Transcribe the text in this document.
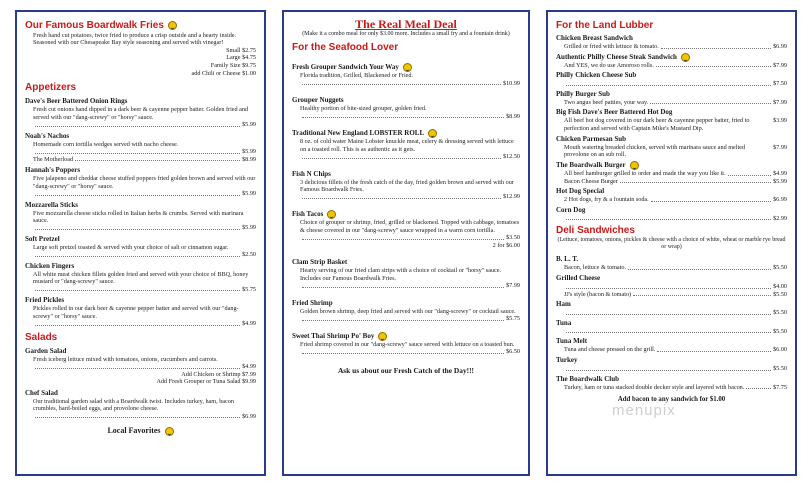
Our Famous Boardwalk Fries
Fresh hand cut potatoes, twice fried to produce a crisp outside and a hearty inside. Seasoned with our Chesapeake Bay style seasoning and served with vinegar!
Small $2.75
Large $4.75
Family Size $9.75
add Chili or Cheese $1.00
Appetizers
Dave's Beer Battered Onion Rings
Fresh cut onions hand dipped in a dark beer & cayenne pepper batter. Golden fried and served with our "dang-screwy" or "horsy" sauce.
$5.99
Noah's Nachos
Homemade corn tortilla wedges served with nacho cheese.
$5.99
The Motherload	$8.99
Hannah's Poppers
Five jalapeno and cheddar cheese stuffed poppers fried golden brown and served with our "dang-screwy" or "horsy" sauce.
$5.99
Mozzarella Sticks
Five mozzarella cheese sticks rolled in Italian herbs & crumbs. Served with marinara sauce.
$5.99
Soft Pretzel
Large soft pretzel toasted & served with your choice of salt or cinnamon sugar.
$2.50
Chicken Fingers
All white meat chicken fillets golden fried and served with your choice of BBQ, honey mustard or "dang-screwy" sauce.
$5.75
Fried Pickles
Pickles rolled in our dark beer & cayenne pepper batter and served with our "dang-screwy" or "horsy" sauce.
$4.99
Salads
Garden Salad
Fresh iceberg lettuce mixed with tomatoes, onions, cucumbers and carrots.
$4.99
Add Chicken or Shrimp $7.99
Add Fresh Grouper or Tuna Salad $9.99
Chef Salad
Our traditional garden salad with a Boardwalk twist. Includes turkey, ham, bacon crumbles, hard-boiled eggs, and provolone cheese.
$6.99
Local Favorites
The Real Meal Deal
(Make it a combo meal for only $3.00 more. Includes a small fry and a fountain drink)
For the Seafood Lover
Fresh Grouper Sandwich Your Way
Florida tradition, Grilled, Blackened or Fried.
$10.99
Grouper Nuggets
Healthy portion of bite-sized grouper, golden fried.
$8.99
Traditional New England LOBSTER ROLL
8 oz. of cold water Maine Lobster knuckle meat, celery & dressing served with lettuce on a toasted roll. This is as authentic as it gets.
$12.50
Fish N Chips
3 delicious fillets of the fresh catch of the day, fried golden brown and served with our Famous Boardwalk Fries.
$12.99
Fish Tacos
Choice of grouper or shrimp, fried, grilled or blackened. Topped with cabbage, tomatoes & cheese covered in our "dang-screwy" sauce wrapped in a warm corn tortilla.
$3.50
2 for $6.00
Clam Strip Basket
Hearty serving of our fried clam strips with a choice of cocktail or "horsy" sauce. Includes our Famous Boardwalk Fries.
$7.99
Fried Shrimp
Golden brown shrimp, deep fried and served with our "dang-screwy" or cocktail sauce.
$5.75
Sweet Thai Shrimp Po' Boy
Fried shrimp covered in our "dang-screwy" sauce served with lettuce on a toasted bun.
$6.50
Ask us about our Fresh Catch of the Day!!!
For the Land Lubber
Chicken Breast Sandwich
Grilled or fried with lettuce & tomato.	$6.99
Authentic Philly Cheese Steak Sandwich
And YES, we do use Amoroso rolls.	$7.99
Philly Chicken Cheese Sub
$7.50
Philly Burger Sub
Two angus beef patties, your way.	$7.99
Big Fish Dave's Beer Battered Hot Dog
All beef hot dog covered in our dark beer & cayenne pepper batter, fried to perfection and served with Captain Mike's Mustard Dip.
$3.99
Chicken Parmesan Sub
Mouth watering breaded chicken, served with marinara sauce and melted provolone on an sub roll.
$7.99
The Boardwalk Burger
All beef hamburger grilled to order and made the way you like it.	$4.99
Bacon Cheese Burger	$5.99
Hot Dog Special
2 Hot dogs, fry & a fountain soda.	$6.99
Corn Dog
$2.99
Deli Sandwiches
(Lettuce, tomatoes, onions, pickles & cheese with a choice of white, wheat or marble rye bread or wrap)
B. L. T.
Bacon, lettuce & tomato.	$5.50
Grilled Cheese
$4.00
JJ's style (bacon & tomato)	$5.50
Ham
$5.50
Tuna
$5.50
Tuna Melt
Tuna and cheese pressed on the grill.	$6.00
Turkey
$5.50
The Boardwalk Club
Turkey, ham or tuna stacked double decker style and layered with bacon.	$7.75
Add bacon to any sandwich for $1.00
menupix
